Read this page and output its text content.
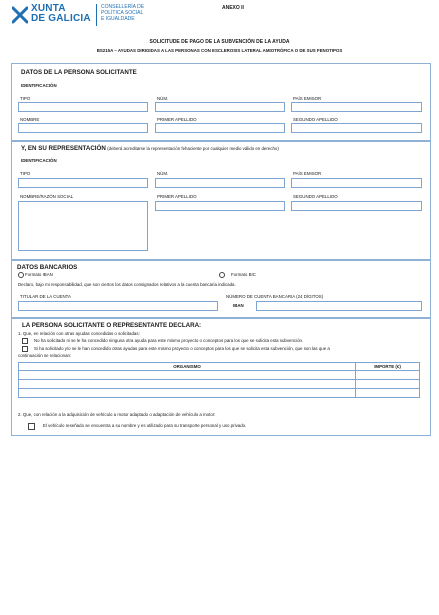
XUNTA
DE GALICIA
CONSELLERÍA DE
POLÍTICA SOCIAL
E IGUALDADE
ANEXO II
SOLICITUDE DE PAGO DE LA SUBVENCIÓN DE LA AYUDA
BS215A – AYUDAS DIRIGIDAS A LAS PERSONAS CON ESCLEROSIS LATERAL AMIOTRÓFICA O DE SUS FENOTIPOS
DATOS DE LA PERSONA SOLICITANTE
IDENTIFICACIÓN
TIPO	NÚM.	PAÍS EMISOR
NOMBRE	PRIMER APELLIDO	SEGUNDO APELLIDO
Y, EN SU REPRESENTACIÓN (deberá acreditarse la representación fehaciente por cualquier medio válido en derecho)
IDENTIFICACIÓN
TIPO	NÚM.	PAÍS EMISOR
NOMBRE/RAZÓN SOCIAL	PRIMER APELLIDO	SEGUNDO APELLIDO
DATOS BANCARIOS
Formato IBAN	Formato BIC
Declaro, bajo mi responsabilidad, que son ciertos los datos consignados relativos a la cuenta bancaria indicada.
TITULAR DE LA CUENTA	NÚMERO DE CUENTA BANCARIA (24 DÍGITOS)
IBAN
LA PERSONA SOLICITANTE O REPRESENTANTE DECLARA:
1. Que, en relación con otras ayudas concedidas o solicitadas:
No ha solicitado ni se le ha concedido ninguna otra ayuda para este mismo proyecto o conceptos para los que se solicita esta subvención.
Si ha solicitado y/o se le han concedido otras ayudas para este mismo proyecto o conceptos para los que se solicita esta subvención, que son las que a
continuación se relacionan:
ORGANISMO	IMPORTE (€)

2. Que, con relación a la adquisición de vehículo a motor adaptado o adaptación de vehículo a motor:
El vehículo reseñado se encuentra a su nombre y es utilizado para su transporte personal y uso privado.
